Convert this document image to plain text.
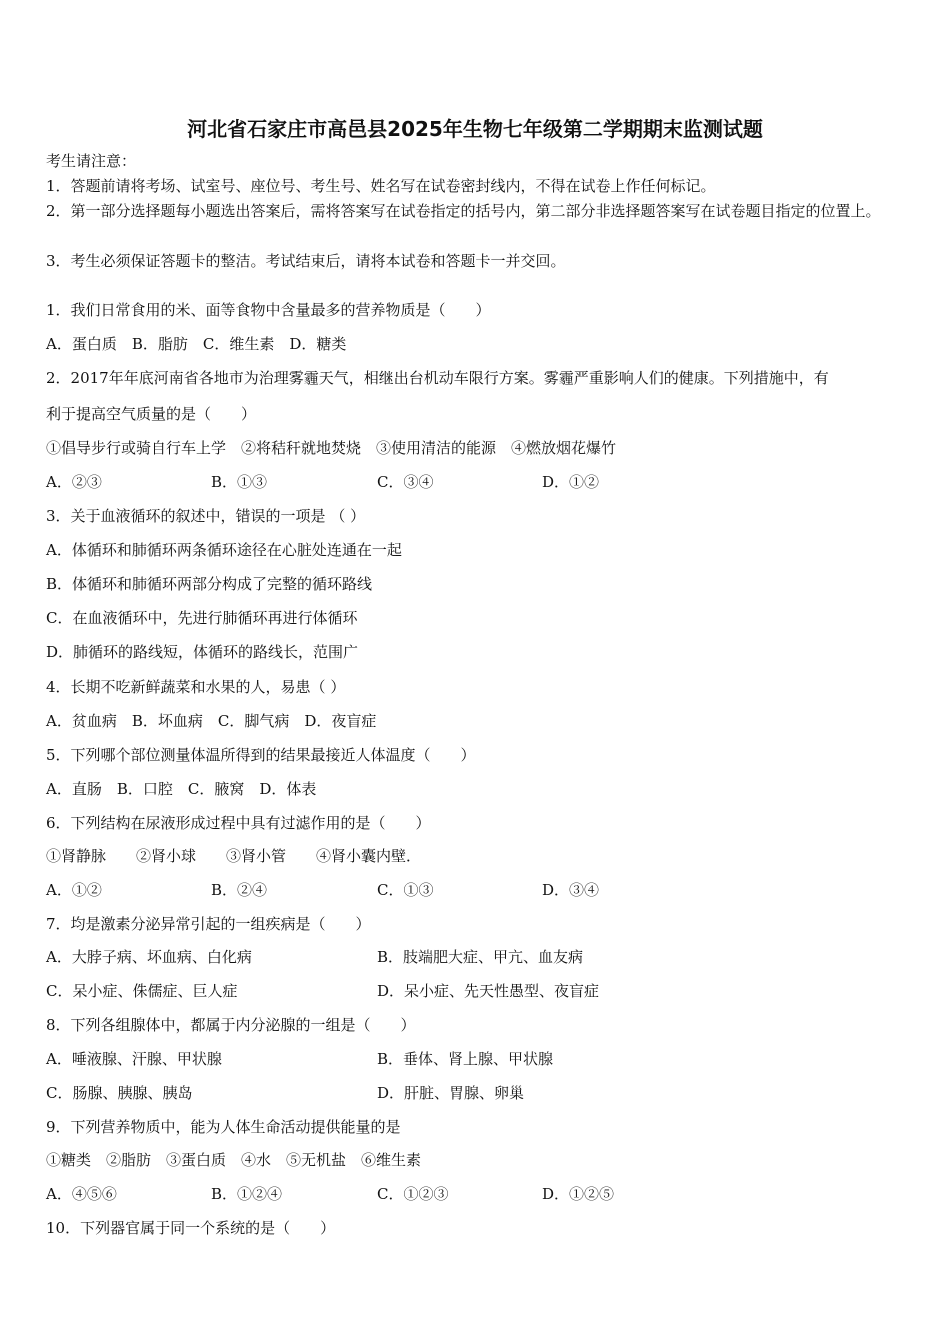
河北省石家庄市高邑县2025年生物七年级第二学期期末监测试题
考生请注意：
1．答题前请将考场、试室号、座位号、考生号、姓名写在试卷密封线内，不得在试卷上作任何标记。
2．第一部分选择题每小题选出答案后，需将答案写在试卷指定的括号内，第二部分非选择题答案写在试卷题目指定的位置上。
3．考生必须保证答题卡的整洁。考试结束后，请将本试卷和答题卡一并交回。
1．我们日常食用的米、面等食物中含量最多的营养物质是（　　）
A．蛋白质　B．脂肪　C．维生素　D．糖类
2．2017年年底河南省各地市为治理雾霾天气，相继出台机动车限行方案。雾霾严重影响人们的健康。下列措施中，有
利于提高空气质量的是（　　）
①倡导步行或骑自行车上学　②将秸秆就地焚烧　③使用清洁的能源　④燃放烟花爆竹
A．②③	B．①③	C．③④	D．①②
3．关于血液循环的叙述中，错误的一项是 （ ）
A．体循环和肺循环两条循环途径在心脏处连通在一起
B．体循环和肺循环两部分构成了完整的循环路线
C．在血液循环中，先进行肺循环再进行体循环
D．肺循环的路线短，体循环的路线长，范围广
4．长期不吃新鲜蔬菜和水果的人，易患（ ）
A．贫血病　B．坏血病　C．脚气病　D．夜盲症
5．下列哪个部位测量体温所得到的结果最接近人体温度（　　）
A．直肠　B．口腔　C．腋窝　D．体表
6．下列结构在尿液形成过程中具有过滤作用的是（　　）
①肾静脉　　②肾小球　　③肾小管　　④肾小囊内壁．
A．①②	B．②④	C．①③	D．③④
7．均是激素分泌异常引起的一组疾病是（　　）
A．大脖子病、坏血病、白化病	B．肢端肥大症、甲亢、血友病
C．呆小症、侏儒症、巨人症	D．呆小症、先天性愚型、夜盲症
8．下列各组腺体中，都属于内分泌腺的一组是（　　）
A．唾液腺、汗腺、甲状腺	B．垂体、肾上腺、甲状腺
C．肠腺、胰腺、胰岛	D．肝脏、胃腺、卵巢
9．下列营养物质中，能为人体生命活动提供能量的是
①糖类　②脂肪　③蛋白质　④水　⑤无机盐　⑥维生素
A．④⑤⑥	B．①②④	C．①②③	D．①②⑤
10．下列器官属于同一个系统的是（　　）
